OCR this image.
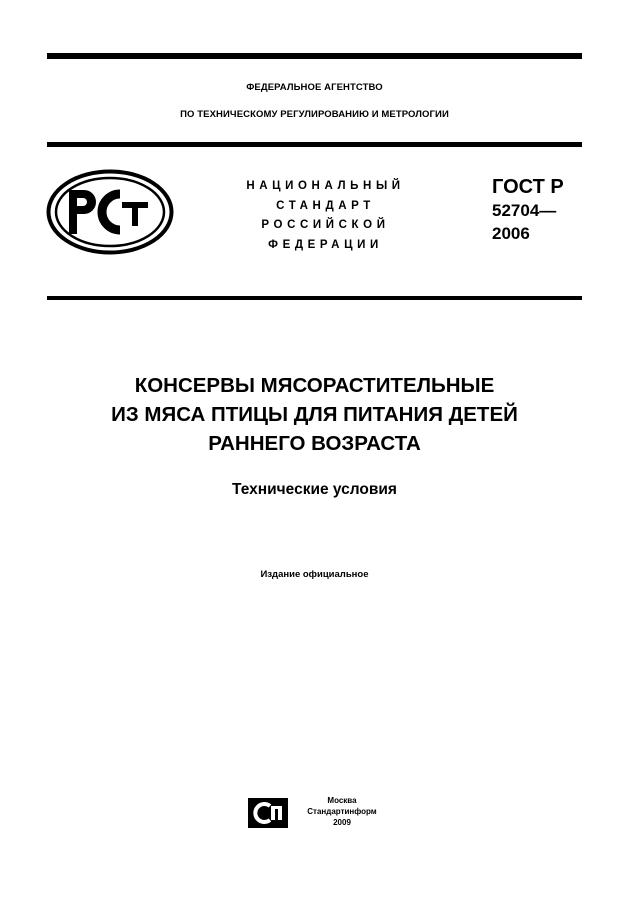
ФЕДЕРАЛЬНОЕ АГЕНТСТВО
ПО ТЕХНИЧЕСКОМУ РЕГУЛИРОВАНИЮ И МЕТРОЛОГИИ
НАЦИОНАЛЬНЫЙ
СТАНДАРТ
РОССИЙСКОЙ
ФЕДЕРАЦИИ
ГОСТ Р
52704—
2006
КОНСЕРВЫ МЯСОРАСТИТЕЛЬНЫЕ
ИЗ МЯСА ПТИЦЫ ДЛЯ ПИТАНИЯ ДЕТЕЙ
РАННЕГО ВОЗРАСТА
Технические условия
Издание официальное
Москва
Стандартинформ
2009
